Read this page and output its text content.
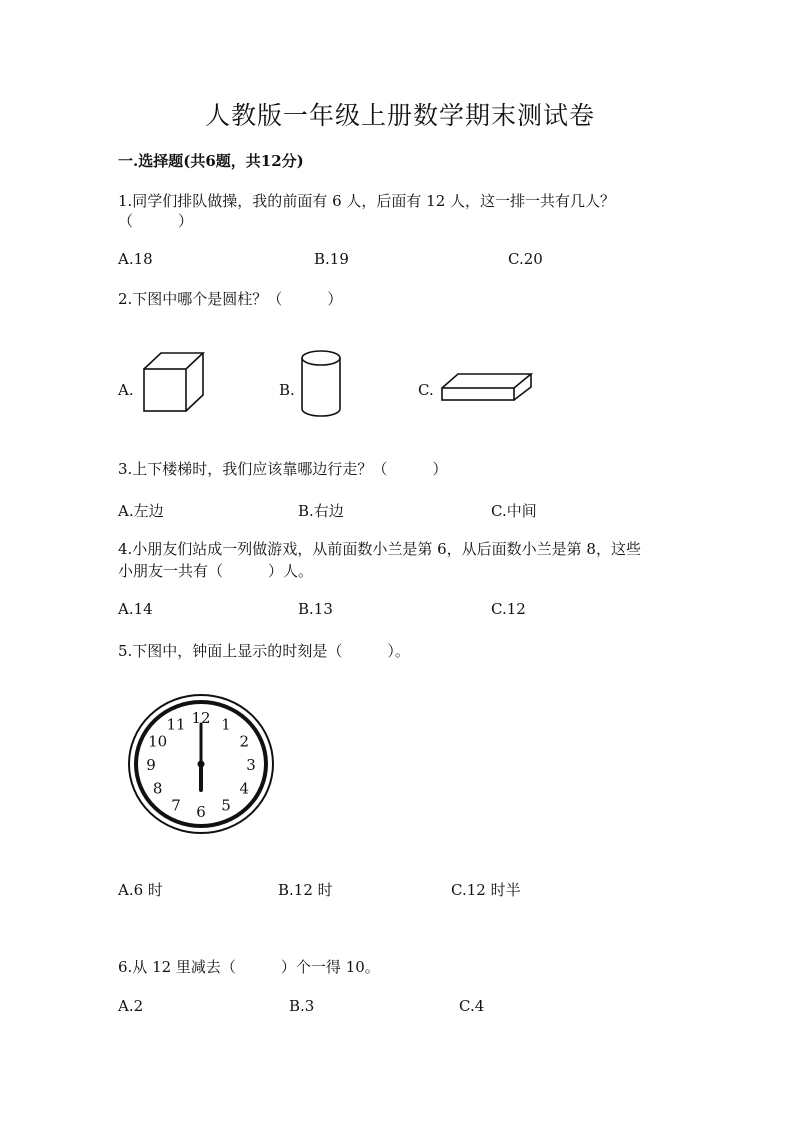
人教版一年级上册数学期末测试卷
一.选择题(共6题，共12分)
1.同学们排队做操，我的前面有 6 人，后面有 12 人，这一排一共有几人？
（　　　）
A.18	B.19	C.20
2.下图中哪个是圆柱？（　　　）
A.	B.	C.
3.上下楼梯时，我们应该靠哪边行走？（　　　）
A.左边	B.右边	C.中间
4.小朋友们站成一列做游戏，从前面数小兰是第 6，从后面数小兰是第 8，这些
小朋友一共有（　　　）人。
A.14	B.13	C.12
5.下图中，钟面上显示的时刻是（　　　）。
12 1
2
3
4
5
6
7
8
9
10
11
A.6 时	B.12 时	C.12 时半
6.从 12 里减去（　　　）个一得 10。
A.2	B.3	C.4
